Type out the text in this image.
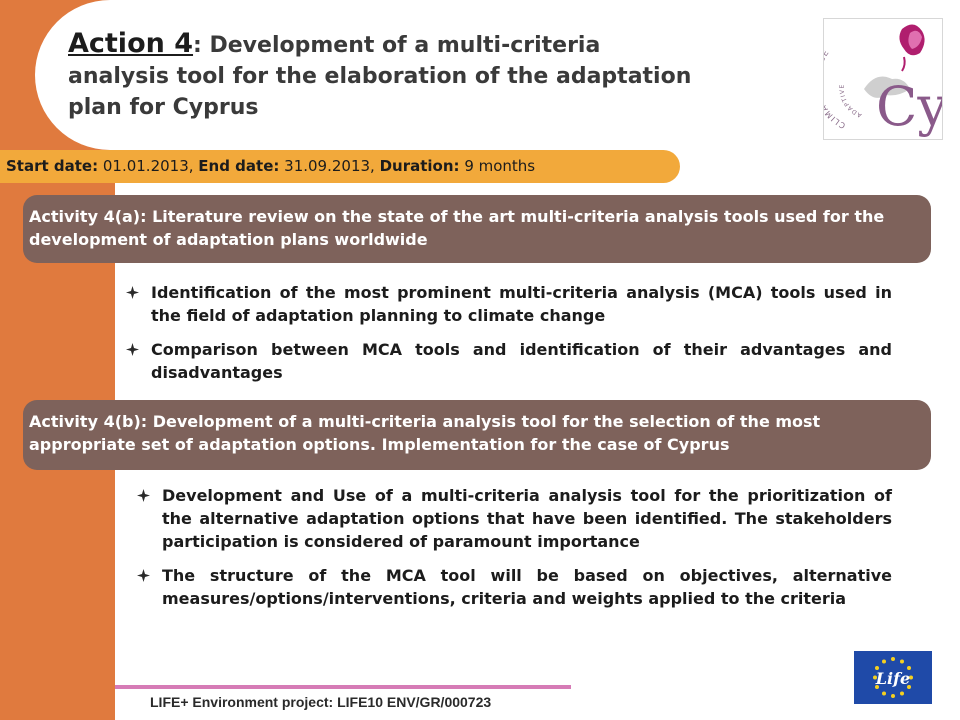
Action 4: Development of a multi-criteria analysis tool for the elaboration of the adaptation plan for Cyprus
CLI	ADAPTIVE Cy
Start date: 01.01.2013, End date: 31.09.2013, Duration: 9 months
Activity 4(a): Literature review on the state of the art multi-criteria analysis tools used for the development of adaptation plans worldwide
Identification of the most prominent multi-criteria analysis (MCA) tools used in the field of adaptation planning to climate change
Comparison between MCA tools and identification of their advantages and disadvantages
Activity 4(b): Development of a multi-criteria analysis tool for the selection of the most appropriate set of adaptation options. Implementation for the case of Cyprus
Development and Use of a multi-criteria analysis tool for the prioritization of the alternative adaptation options that have been identified. The stakeholders participation is considered of paramount importance
The structure of the MCA tool will be based on objectives, alternative measures/options/interventions, criteria and weights applied to the criteria
LIFE+ Environment project: LIFE10 ENV/GR/000723
Life
